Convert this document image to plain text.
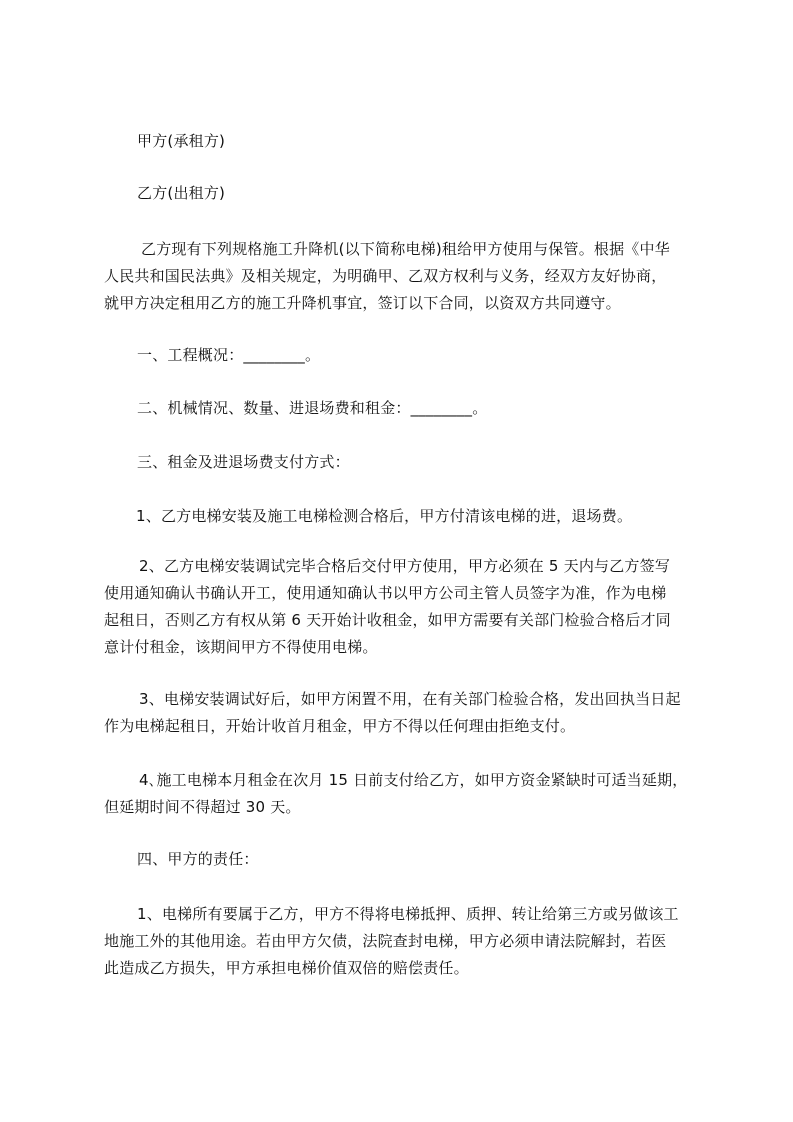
甲方(承租方)
乙方(出租方)
乙方现有下列规格施工升降机(以下简称电梯)租给甲方使用与保管。根据《中华
人民共和国民法典》及相关规定，为明确甲、乙双方权利与义务，经双方友好协商，
就甲方决定租用乙方的施工升降机事宜，签订以下合同，以资双方共同遵守。
一、工程概况：________。
二、机械情况、数量、进退场费和租金：________。
三、租金及进退场费支付方式：
1、乙方电梯安装及施工电梯检测合格后，甲方付清该电梯的进，退场费。
2、乙方电梯安装调试完毕合格后交付甲方使用，甲方必须在 5 天内与乙方签写
使用通知确认书确认开工，使用通知确认书以甲方公司主管人员签字为准，作为电梯
起租日，否则乙方有权从第 6 天开始计收租金，如甲方需要有关部门检验合格后才同
意计付租金，该期间甲方不得使用电梯。
3、电梯安装调试好后，如甲方闲置不用，在有关部门检验合格，发出回执当日起
作为电梯起租日，开始计收首月租金，甲方不得以任何理由拒绝支付。
4､施工电梯本月租金在次月 15 日前支付给乙方，如甲方资金紧缺时可适当延期，
但延期时间不得超过 30 天。
四、甲方的责任：
1、电梯所有要属于乙方，甲方不得将电梯抵押、质押、转让给第三方或另做该工
地施工外的其他用途。若由甲方欠债，法院查封电梯，甲方必须申请法院解封，若医
此造成乙方损失，甲方承担电梯价值双倍的赔偿责任。
